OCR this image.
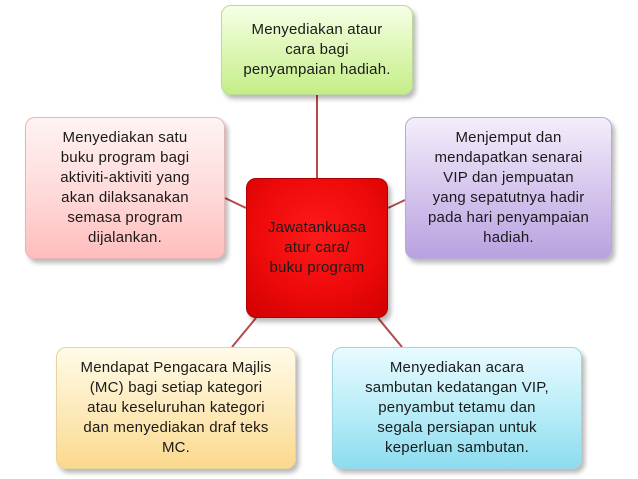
Menyediakan ataur
cara bagi
penyampaian hadiah.
Menyediakan satu
buku program bagi
aktiviti-aktiviti yang
akan dilaksanakan
semasa program
dijalankan.
Menjemput dan
mendapatkan senarai
VIP dan jempuatan
yang sepatutnya hadir
pada hari penyampaian
hadiah.
Jawatankuasa
atur cara/
buku program
Mendapat Pengacara Majlis
(MC) bagi setiap kategori
atau keseluruhan kategori
dan menyediakan draf teks
MC.
Menyediakan acara
sambutan kedatangan VIP,
penyambut tetamu dan
segala persiapan untuk
keperluan sambutan.
